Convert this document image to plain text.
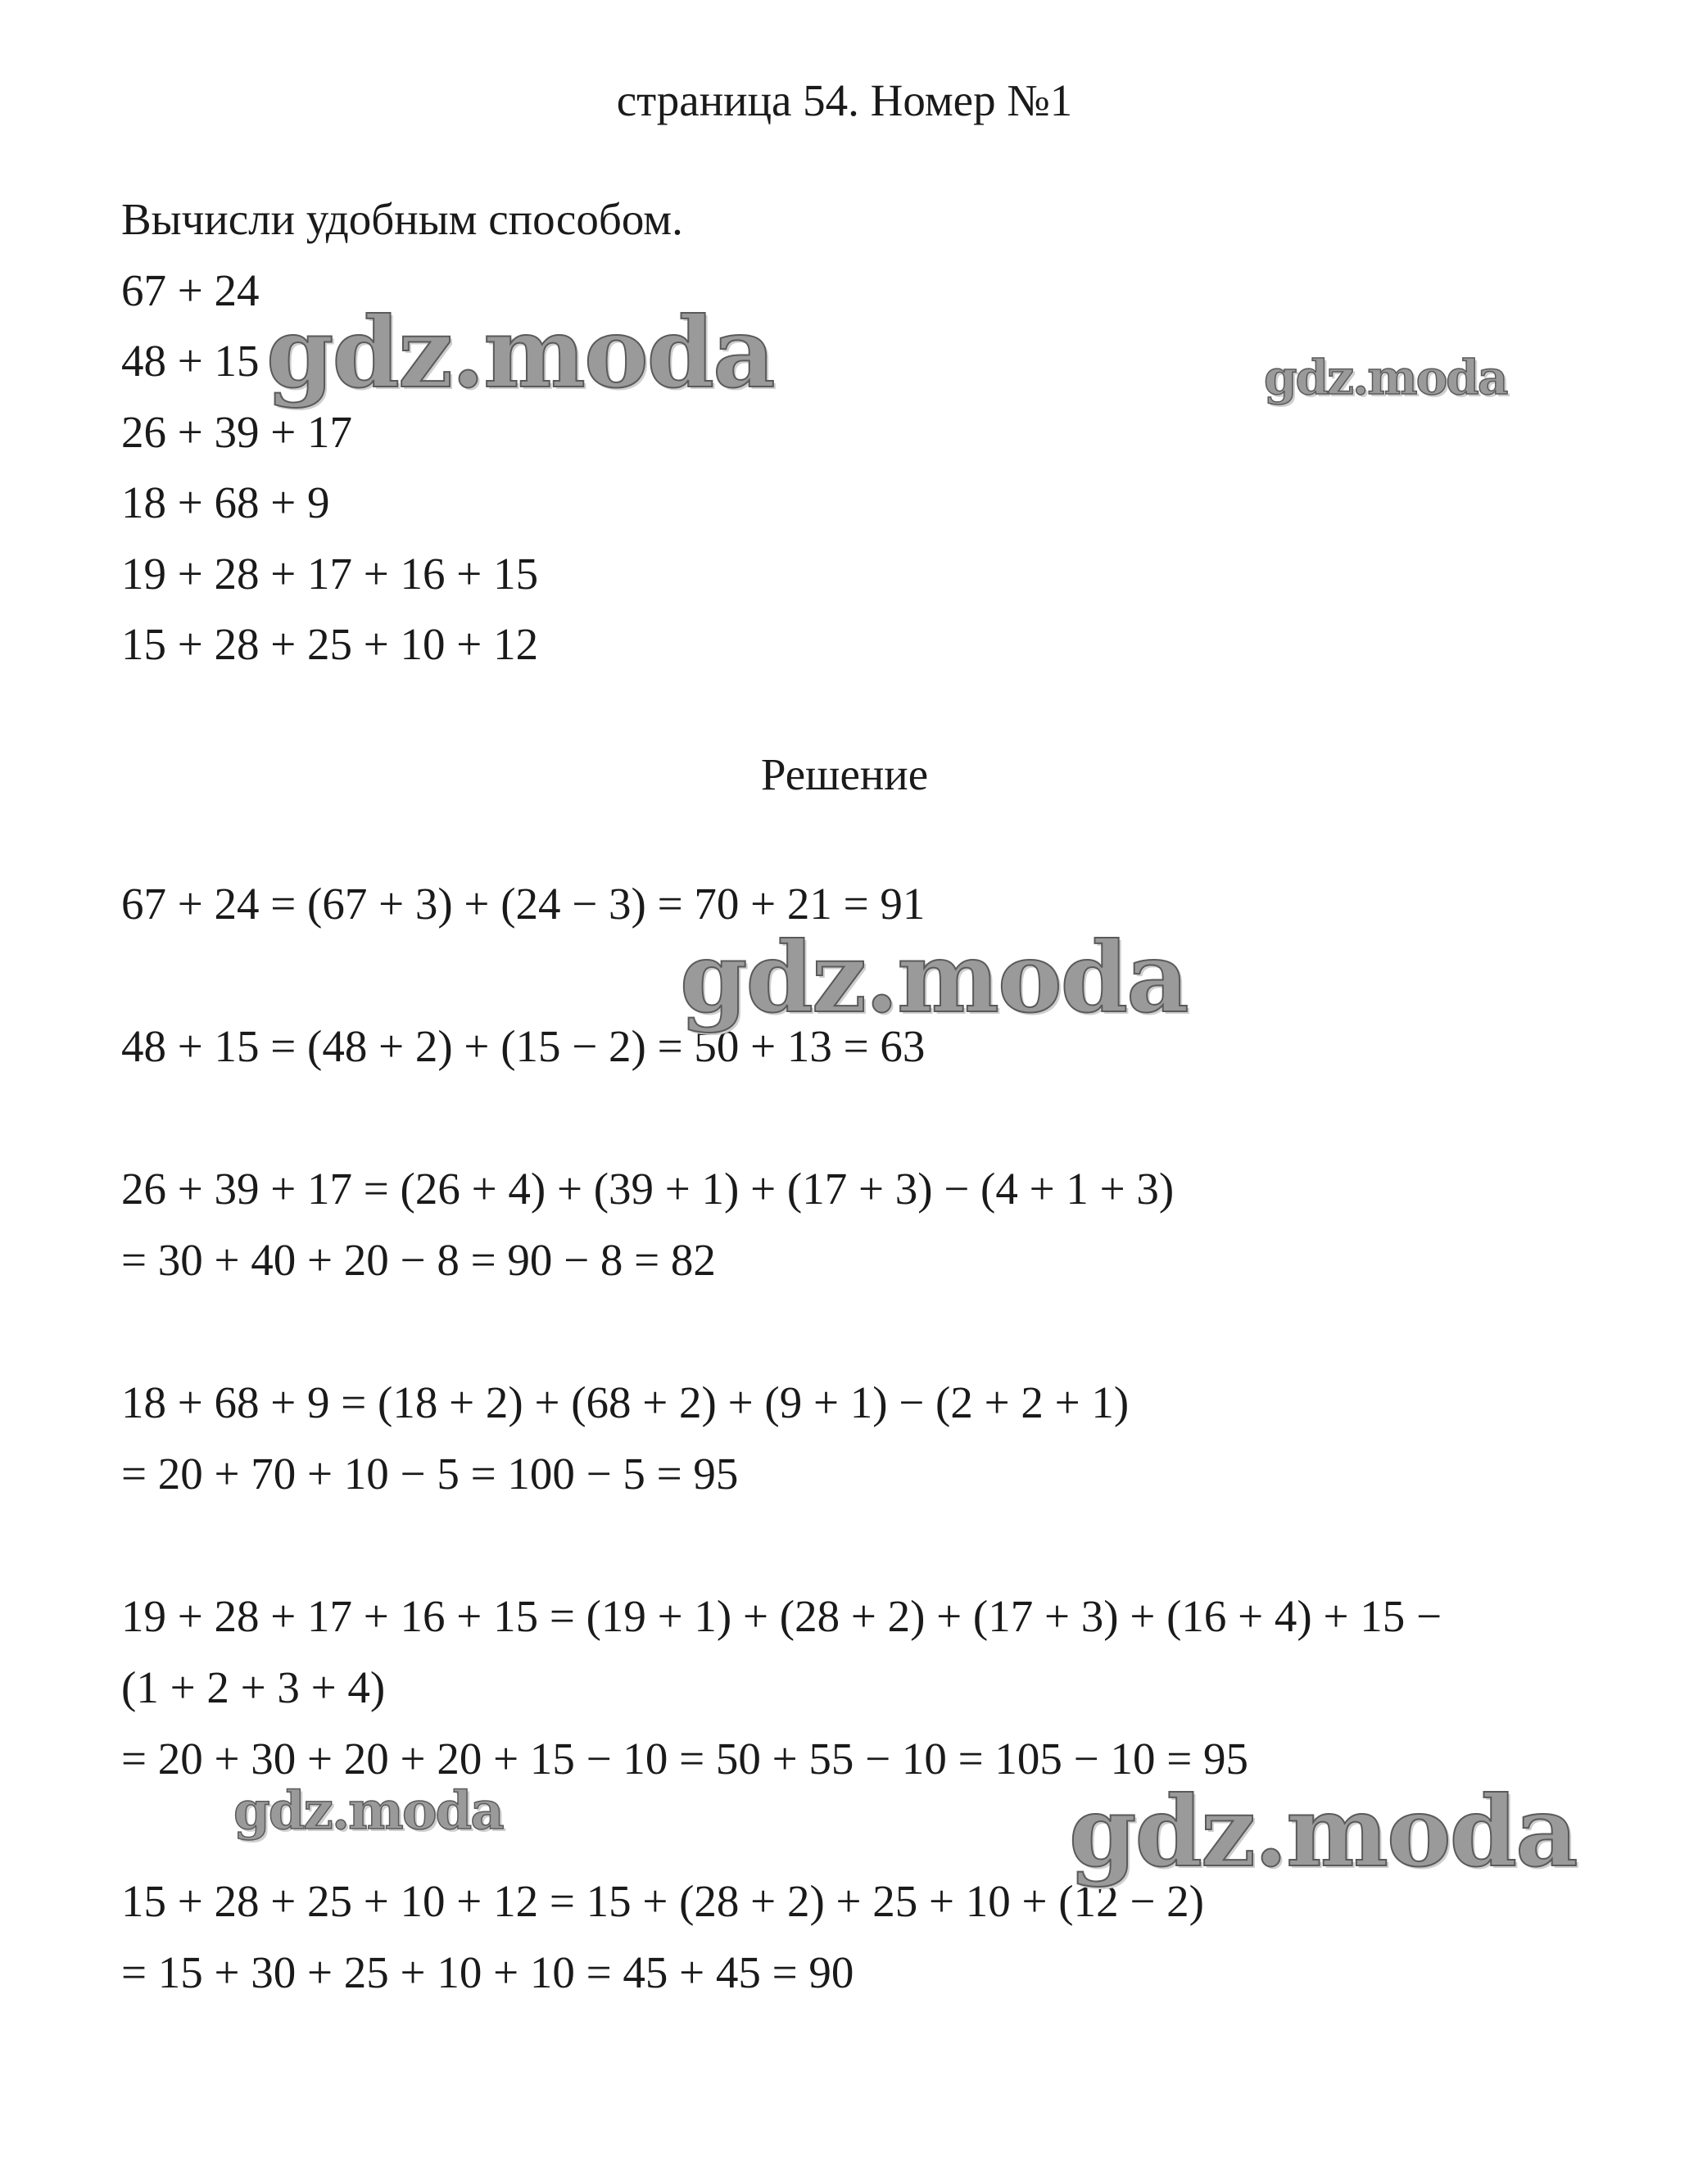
страница 54. Номер №1
Вычисли удобным способом.
67 + 24
48 + 15
26 + 39 + 17
18 + 68 + 9
19 + 28 + 17 + 16 + 15
15 + 28 + 25 + 10 + 12
Решение
67 + 24 = (67 + 3) + (24 − 3) = 70 + 21 = 91
48 + 15 = (48 + 2) + (15 − 2) = 50 + 13 = 63
26 + 39 + 17 = (26 + 4) + (39 + 1) + (17 + 3) − (4 + 1 + 3)
= 30 + 40 + 20 − 8 = 90 − 8 = 82
18 + 68 + 9 = (18 + 2) + (68 + 2) + (9 + 1) − (2 + 2 + 1)
= 20 + 70 + 10 − 5 = 100 − 5 = 95
19 + 28 + 17 + 16 + 15 = (19 + 1) + (28 + 2) + (17 + 3) + (16 + 4) + 15 −
(1 + 2 + 3 + 4)
= 20 + 30 + 20 + 20 + 15 − 10 = 50 + 55 − 10 = 105 − 10 = 95
15 + 28 + 25 + 10 + 12 = 15 + (28 + 2) + 25 + 10 + (12 − 2)
= 15 + 30 + 25 + 10 + 10 = 45 + 45 = 90
gdz.moda	gdz.moda
gdz.moda
gdz.moda	gdz.moda
